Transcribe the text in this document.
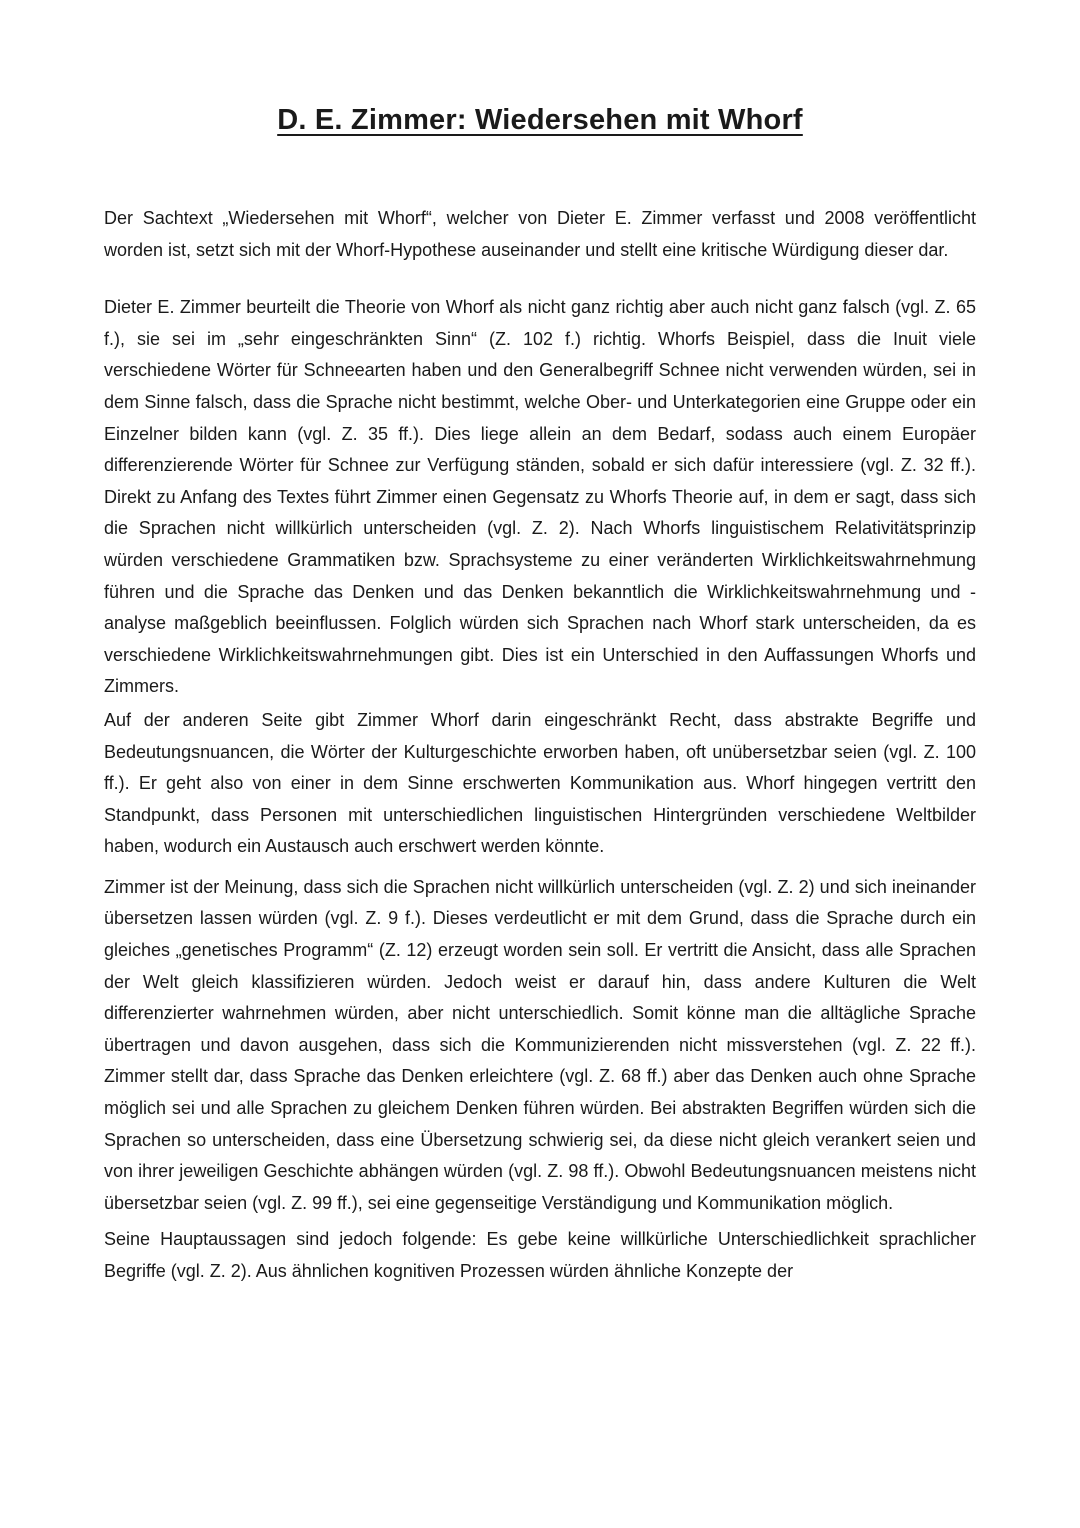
D. E. Zimmer: Wiedersehen mit Whorf

Der Sachtext „Wiedersehen mit Whorf“, welcher von Dieter E. Zimmer verfasst und 2008 veröffentlicht worden ist, setzt sich mit der Whorf-Hypothese auseinander und stellt eine kritische Würdigung dieser dar.

Dieter E. Zimmer beurteilt die Theorie von Whorf als nicht ganz richtig aber auch nicht ganz falsch (vgl. Z. 65 f.), sie sei im „sehr eingeschränkten Sinn“ (Z. 102 f.) richtig. Whorfs Beispiel, dass die Inuit viele verschiedene Wörter für Schneearten haben und den Generalbegriff Schnee nicht verwenden würden, sei in dem Sinne falsch, dass die Sprache nicht bestimmt, welche Ober- und Unterkategorien eine Gruppe oder ein Einzelner bilden kann (vgl. Z. 35 ff.). Dies liege allein an dem Bedarf, sodass auch einem Europäer differenzierende Wörter für Schnee zur Verfügung ständen, sobald er sich dafür interessiere (vgl. Z. 32 ff.). Direkt zu Anfang des Textes führt Zimmer einen Gegensatz zu Whorfs Theorie auf, in dem er sagt, dass sich die Sprachen nicht willkürlich unterscheiden (vgl. Z. 2). Nach Whorfs linguistischem Relativitätsprinzip würden verschiedene Grammatiken bzw. Sprachsysteme zu einer veränderten Wirklichkeitswahrnehmung führen und die Sprache das Denken und das Denken bekanntlich die Wirklichkeitswahrnehmung und -analyse maßgeblich beeinflussen. Folglich würden sich Sprachen nach Whorf stark unterscheiden, da es verschiedene Wirklichkeitswahrnehmungen gibt. Dies ist ein Unterschied in den Auffassungen Whorfs und Zimmers.

Auf der anderen Seite gibt Zimmer Whorf darin eingeschränkt Recht, dass abstrakte Begriffe und Bedeutungsnuancen, die Wörter der Kulturgeschichte erworben haben, oft unübersetzbar seien (vgl. Z. 100 ff.). Er geht also von einer in dem Sinne erschwerten Kommunikation aus. Whorf hingegen vertritt den Standpunkt, dass Personen mit unterschiedlichen linguistischen Hintergründen verschiedene Weltbilder haben, wodurch ein Austausch auch erschwert werden könnte.

Zimmer ist der Meinung, dass sich die Sprachen nicht willkürlich unterscheiden (vgl. Z. 2) und sich ineinander übersetzen lassen würden (vgl. Z. 9 f.). Dieses verdeutlicht er mit dem Grund, dass die Sprache durch ein gleiches „genetisches Programm“ (Z. 12) erzeugt worden sein soll. Er vertritt die Ansicht, dass alle Sprachen der Welt gleich klassifizieren würden. Jedoch weist er darauf hin, dass andere Kulturen die Welt differenzierter wahrnehmen würden, aber nicht unterschiedlich. Somit könne man die alltägliche Sprache übertragen und davon ausgehen, dass sich die Kommunizierenden nicht missverstehen (vgl. Z. 22 ff.). Zimmer stellt dar, dass Sprache das Denken erleichtere (vgl. Z. 68 ff.) aber das Denken auch ohne Sprache möglich sei und alle Sprachen zu gleichem Denken führen würden. Bei abstrakten Begriffen würden sich die Sprachen so unterscheiden, dass eine Übersetzung schwierig sei, da diese nicht gleich verankert seien und von ihrer jeweiligen Geschichte abhängen würden (vgl. Z. 98 ff.). Obwohl Bedeutungsnuancen meistens nicht übersetzbar seien (vgl. Z. 99 ff.), sei eine gegenseitige Verständigung und Kommunikation möglich.

Seine Hauptaussagen sind jedoch folgende: Es gebe keine willkürliche Unterschiedlichkeit sprachlicher Begriffe (vgl. Z. 2). Aus ähnlichen kognitiven Prozessen würden ähnliche Konzepte der
